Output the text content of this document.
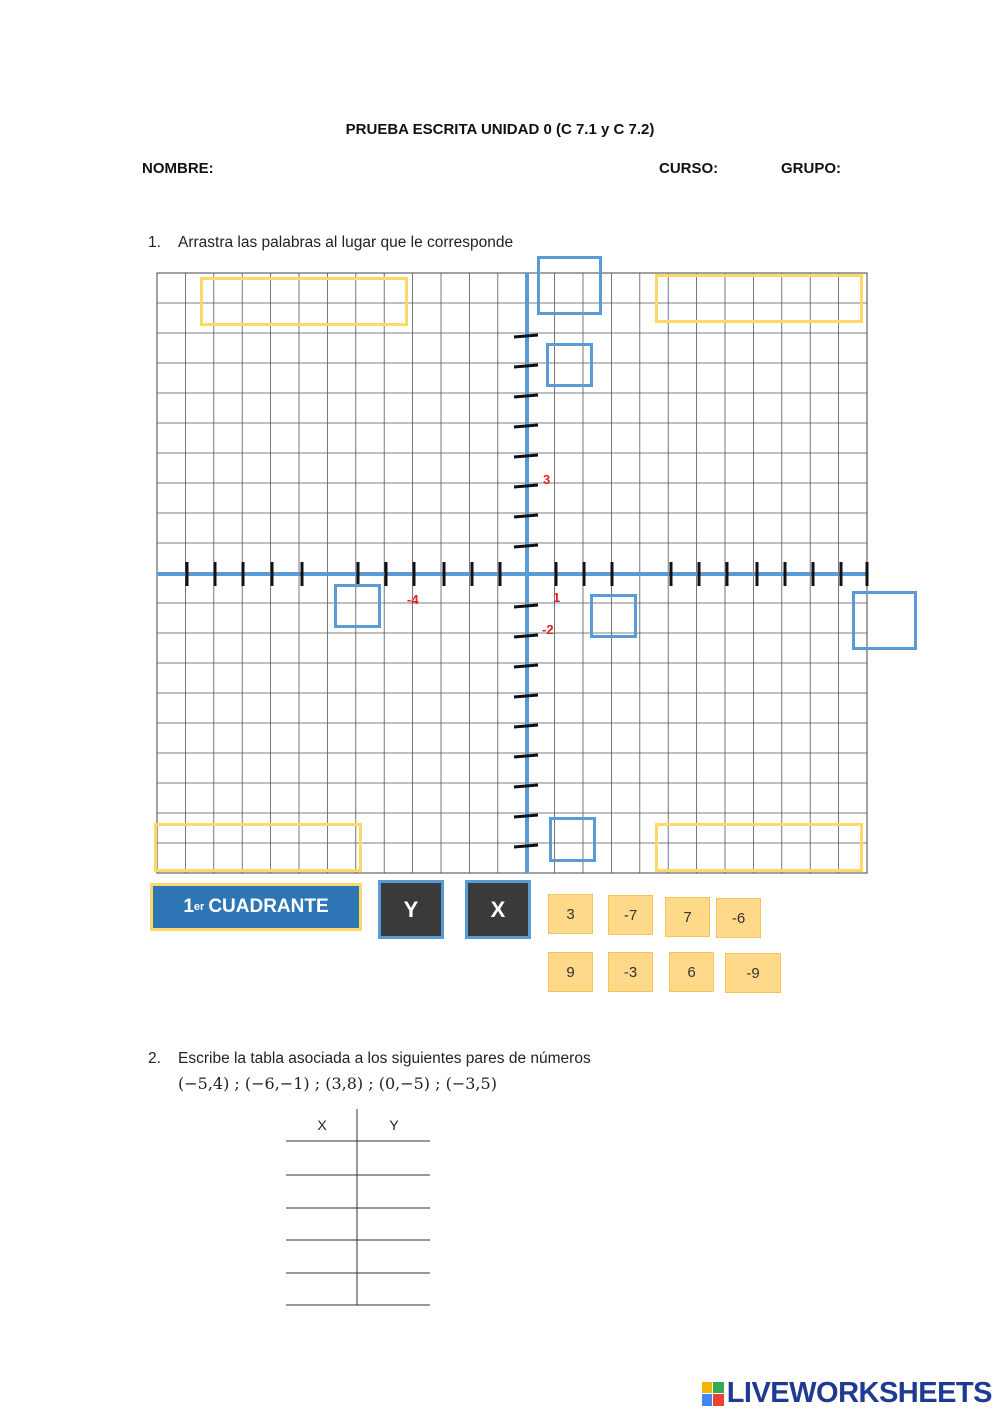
PRUEBA ESCRITA UNIDAD 0 (C 7.1 y C 7.2)
NOMBRE:	CURSO:	GRUPO:
1. Arrastra las palabras al lugar que le corresponde
3
-4	1
-2
1 er CUADRANTE	Y	X	3	-7	7	-6
9	-3	6	-9
2. Escribe la tabla asociada a los siguientes pares de números
(−5,4) ; (−6,−1) ; (3,8) ; (0,−5) ; (−3,5)
X	Y
LIVEWORKSHEETS
